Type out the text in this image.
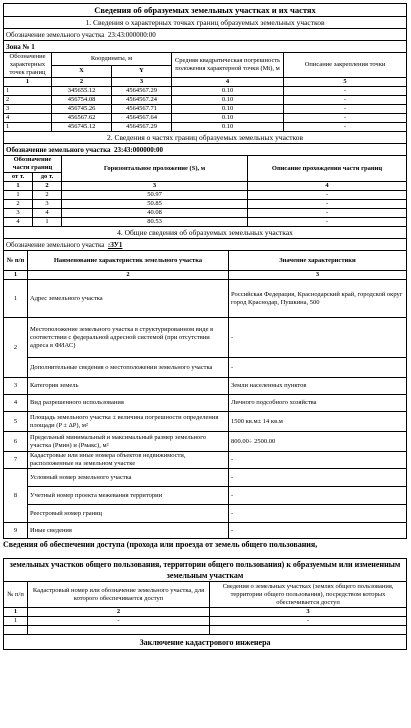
Сведения об образуемых земельных участках и их частях				
1. Сведения о характерных точках границ образуемых земельных участков				
Обозначение земельного участка 23:43:000000:00				
Зона № 1				
Обозначение характерных точек границ	Координаты, м		Средняя квадратическая погрешность положения характерной точки (Mt), м	Описание закрепления точки
	X	Y		
1	2	3	4	5
1	345655.12	4564567.29	0.10	-
2	456754.08	4564567.24	0.10	-
3	456745.26	4564567.71	0.10	-
4	456567.62	4564567.64	0.10	-
1	456745.12	4564567.29	0.10	-
2. Сведения о частях границ образуемых земельных участков				
Обозначение земельного участка 23:43:000000:00				
Обозначение части границ		Горизонтальное проложение (S), м	Описание прохождения части границ
от т.	до т.		
1	2	3	4
1	2	50.97	-
2	3	50.85	-
3	4	40.08	-
4	1	80.53	-
4. Общие сведения об образуемых земельных участках		
Обозначение земельного участка :ЗУ1		
№ п/п	Наименование характеристик земельного участка	Значение характеристики
1	2	3
1	Адрес земельного участка	Российская Федерация, Краснодарский край, городской округ город Краснодар, Пушкина, 500
2	Местоположение земельного участка в структурированном виде в соответствии с федеральной адресной системой (при отсутствии адреса в ФИАС)	-
	Дополнительные сведения о местоположении земельного участка	-
3	Категория земель	Земли населенных пунктов
4	Вид разрешенного использования	Личного подсобного хозяйства
5	Площадь земельного участка ± величина погрешности определения площади (P ± ΔP), м²	1500 кв.м± 14 кв.м
6	Предельный минимальный и максимальный размер земельного участка (Pмин) и (Pмакс), м²	800.00÷ 2500.00
7	Кадастровые или иные номера объектов недвижимости, расположенные на земельном участке	-
8	Условный номер земельного участка	-
	Учетный номер проекта межевания территории	-
	Реестровый номер границ	-
9	Иные сведения	-
Сведения об обеспечении доступа (прохода или проезда от земель общего пользования,
земельных участков общего пользования, территории общего пользования) к образуемым или измененным земельным участкам		
№ п/п	Кадастровый номер или обозначение земельного участка, для которого обеспечивается доступ	Сведения о земельных участках (землях общего пользования, территории общего пользования), посредством которых обеспечивается доступ
1	2	3
1	-	-

Заключение кадастрового инженера		
